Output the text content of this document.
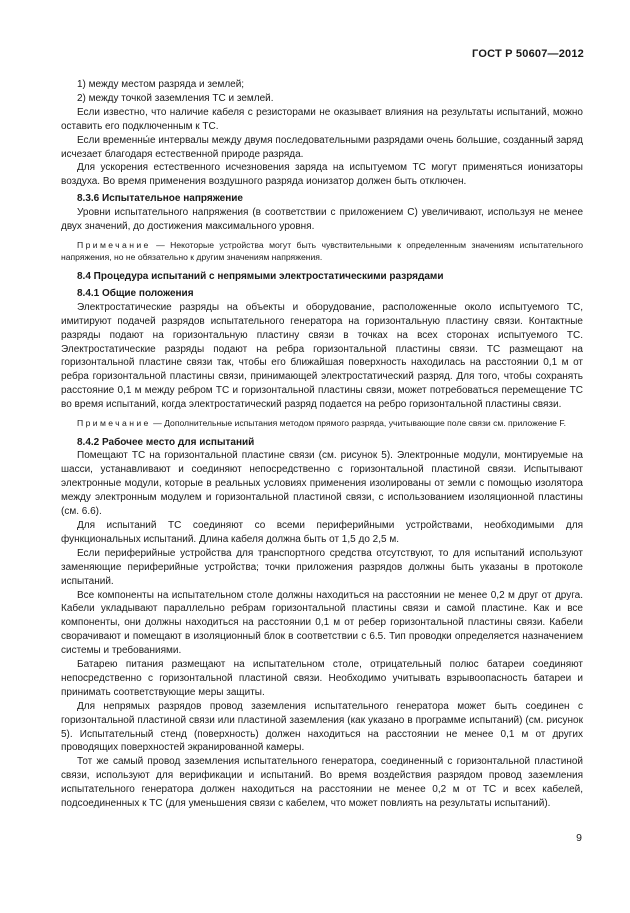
ГОСТ Р 50607—2012

1) между местом разряда и землей;

2) между точкой заземления ТС и землей.

Если известно, что наличие кабеля с резисторами не оказывает влияния на результаты испытаний, можно оставить его подключенным к ТС.

Если временны́е интервалы между двумя последовательными разрядами очень большие, созданный заряд исчезает благодаря естественной природе разряда.

Для ускорения естественного исчезновения заряда на испытуемом ТС могут применяться ионизаторы воздуха. Во время применения воздушного разряда ионизатор должен быть отключен.

8.3.6 Испытательное напряжение

Уровни испытательного напряжения (в соответствии с приложением С) увеличивают, используя не менее двух значений, до достижения максимального уровня.

Примечание — Некоторые устройства могут быть чувствительными к определенным значениям испытательного напряжения, но не обязательно к другим значениям напряжения.

8.4 Процедура испытаний с непрямыми электростатическими разрядами
8.4.1 Общие положения

Электростатические разряды на объекты и оборудование, расположенные около испытуемого ТС, имитируют подачей разрядов испытательного генератора на горизонтальную пластину связи. Контактные разряды подают на горизонтальную пластину связи в точках на всех сторонах испытуемого ТС. Электростатические разряды подают на ребра горизонтальной пластины связи. ТС размещают на горизонтальной пластине связи так, чтобы его ближайшая поверхность находилась на расстоянии 0,1 м от ребра горизонтальной пластины связи, принимающей электростатический разряд. Для того, чтобы сохранять расстояние 0,1 м между ребром ТС и горизонтальной пластины связи, может потребоваться перемещение ТС во время испытаний, когда электростатический разряд подается на ребро горизонтальной пластины связи.

Примечание — Дополнительные испытания методом прямого разряда, учитывающие поле связи см. приложение F.

8.4.2 Рабочее место для испытаний

Помещают ТС на горизонтальной пластине связи (см. рисунок 5). Электронные модули, монтируемые на шасси, устанавливают и соединяют непосредственно с горизонтальной пластиной связи. Испытывают электронные модули, которые в реальных условиях применения изолированы от земли с помощью изолятора между электронным модулем и горизонтальной пластиной связи, с использованием изоляционной пластины (см. 6.6).

Для испытаний ТС соединяют со всеми периферийными устройствами, необходимыми для функциональных испытаний. Длина кабеля должна быть от 1,5 до 2,5 м.

Если периферийные устройства для транспортного средства отсутствуют, то для испытаний используют заменяющие периферийные устройства; точки приложения разрядов должны быть указаны в протоколе испытаний.

Все компоненты на испытательном столе должны находиться на расстоянии не менее 0,2 м друг от друга. Кабели укладывают параллельно ребрам горизонтальной пластины связи и самой пластине. Как и все компоненты, они должны находиться на расстоянии 0,1 м от ребер горизонтальной пластины связи. Кабели сворачивают и помещают в изоляционный блок в соответствии с 6.5. Тип проводки определяется назначением системы и требованиями.

Батарею питания размещают на испытательном столе, отрицательный полюс батареи соединяют непосредственно с горизонтальной пластиной связи. Необходимо учитывать взрывоопасность батареи и принимать соответствующие меры защиты.

Для непрямых разрядов провод заземления испытательного генератора может быть соединен с горизонтальной пластиной связи или пластиной заземления (как указано в программе испытаний) (см. рисунок 5). Испытательный стенд (поверхность) должен находиться на расстоянии не менее 0,1 м от других проводящих поверхностей экранированной камеры.

Тот же самый провод заземления испытательного генератора, соединенный с горизонтальной пластиной связи, используют для верификации и испытаний. Во время воздействия разрядом провод заземления испытательного генератора должен находиться на расстоянии не менее 0,2 м от ТС и всех кабелей, подсоединенных к ТС (для уменьшения связи с кабелем, что может повлиять на результаты испытаний).

9
